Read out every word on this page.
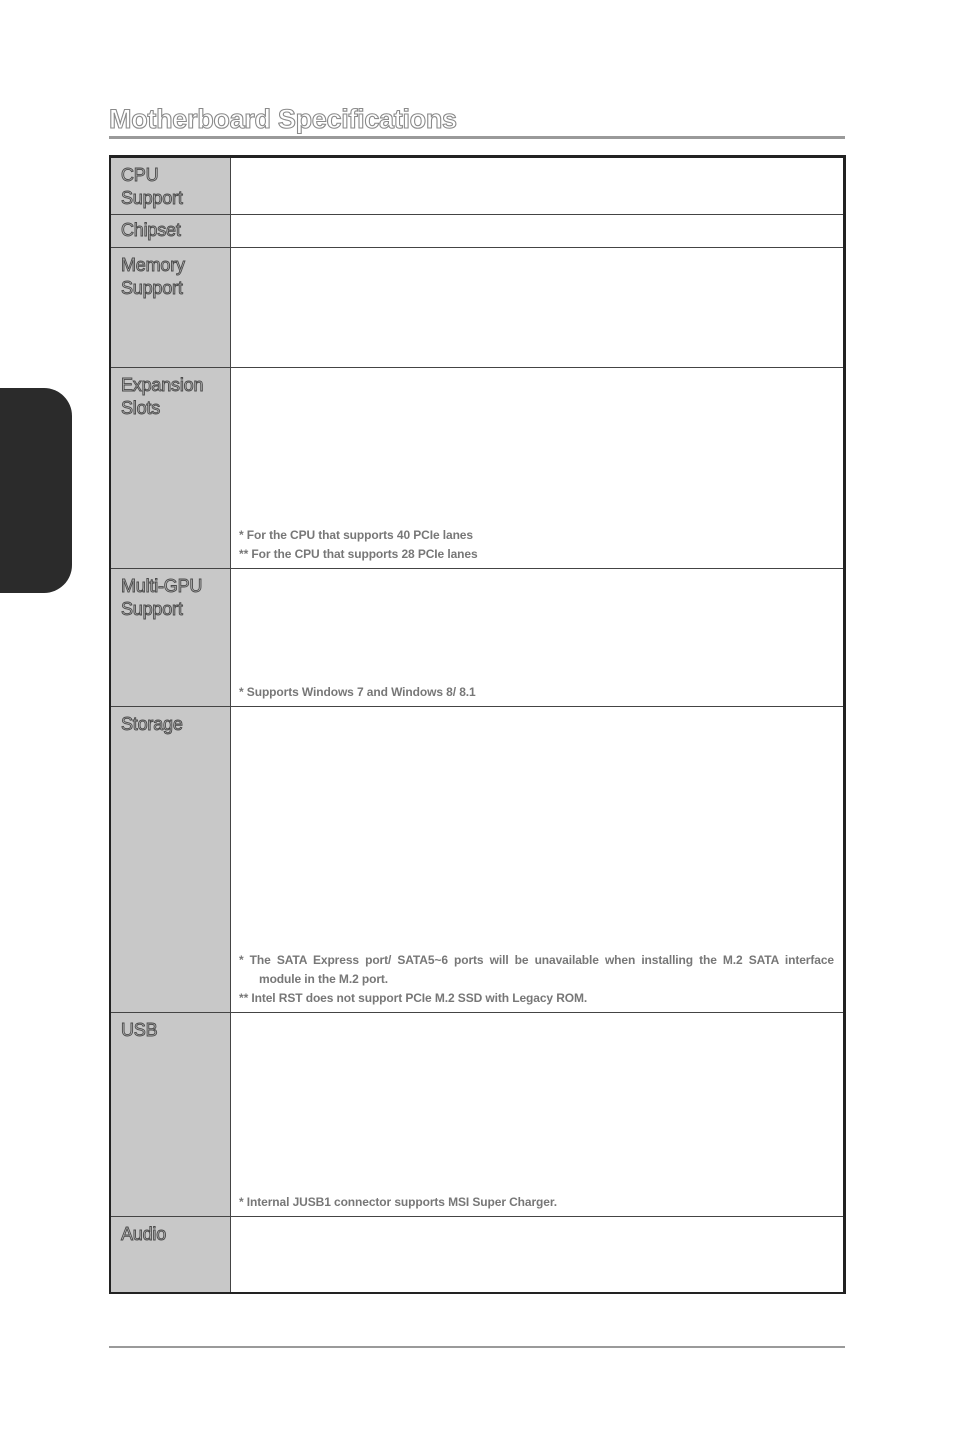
Motherboard Specifications
CPU Support	

Chipset	

Memory Support	

Expansion Slots	* For the CPU that supports 40 PCIe lanes
** For the CPU that supports 28 PCIe lanes

Multi-GPU Support	* Supports Windows 7 and Windows 8/ 8.1

Storage	* The SATA Express port/ SATA5~6 ports will be unavailable when installing the M.2 SATA interface module in the M.2 port.
** Intel RST does not support PCIe M.2 SSD with Legacy ROM.

USB	* Internal JUSB1 connector supports MSI Super Charger.

Audio	
